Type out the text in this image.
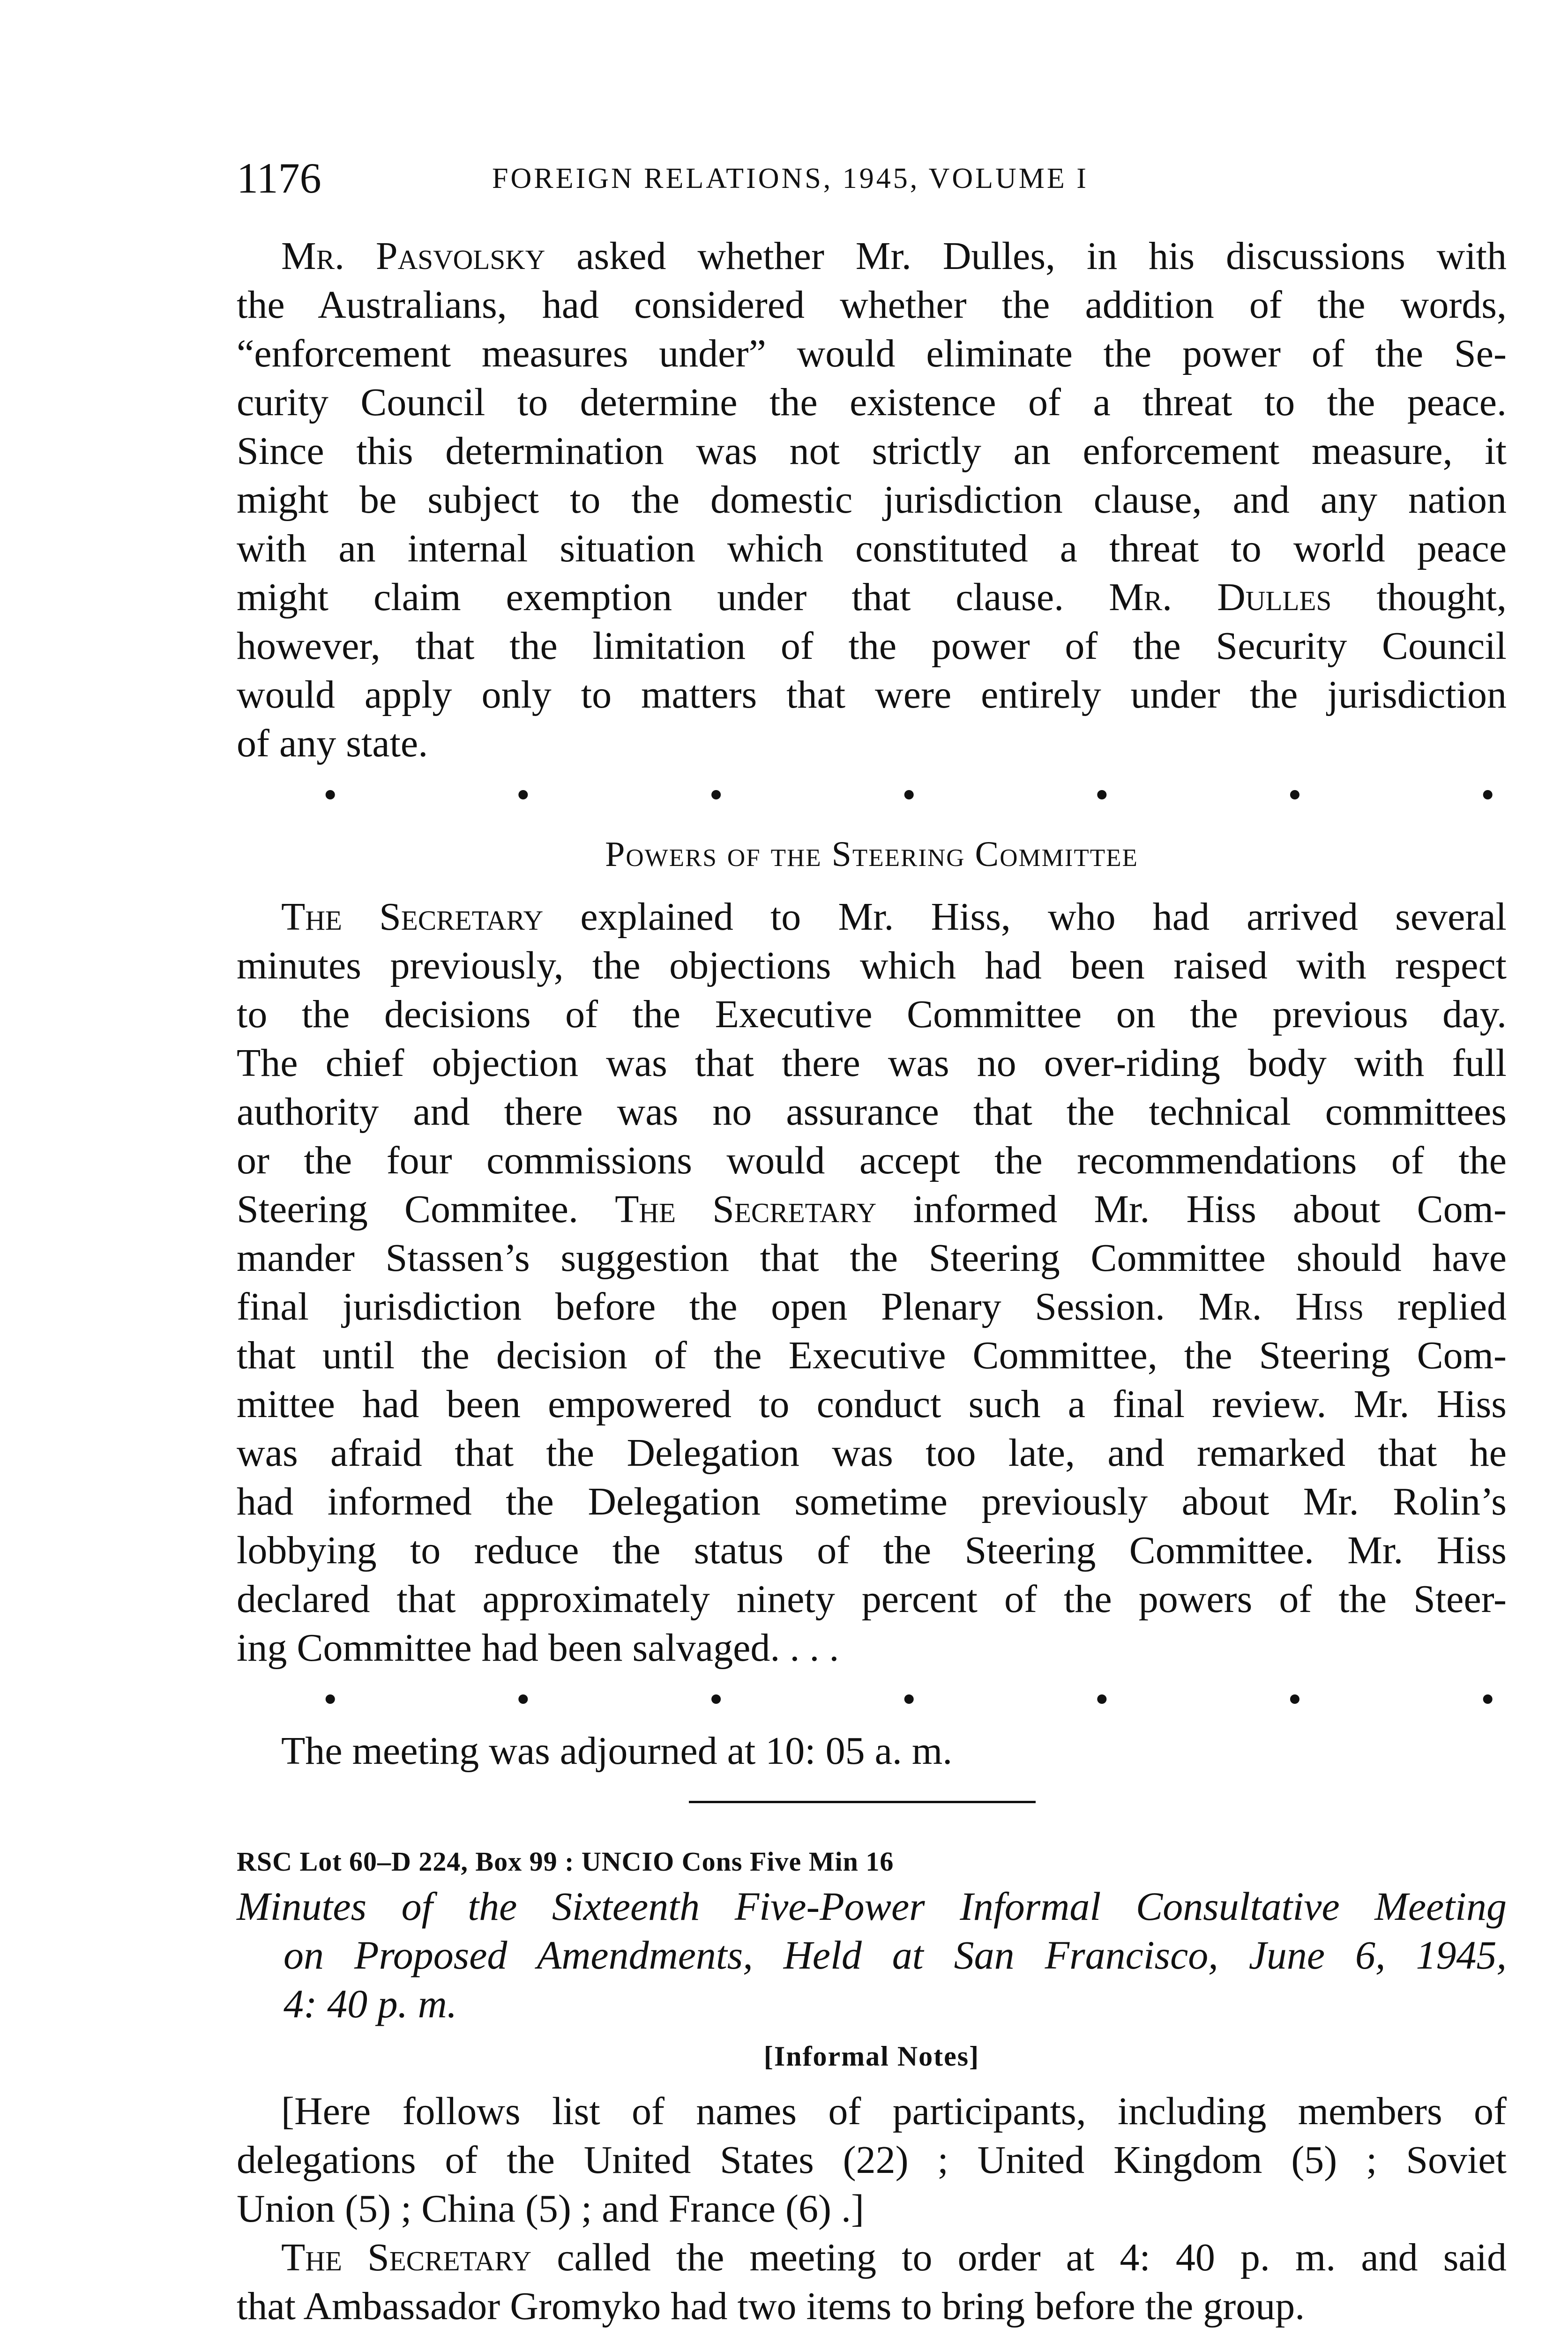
1176	FOREIGN RELATIONS, 1945, VOLUME I
Mr. Pasvolsky asked whether Mr. Dulles, in his discussions with
the Australians, had considered whether the addition of the words,
“enforcement measures under” would eliminate the power of the Se-
curity Council to determine the existence of a threat to the peace.
Since this determination was not strictly an enforcement measure, it
might be subject to the domestic jurisdiction clause, and any nation
with an internal situation which constituted a threat to world peace
might claim exemption under that clause. Mr. Dulles thought,
however, that the limitation of the power of the Security Council
would apply only to matters that were entirely under the jurisdiction
of any state.
•	•	•	•	•	•	•
Powers of the Steering Committee
The Secretary explained to Mr. Hiss, who had arrived several
minutes previously, the objections which had been raised with respect
to the decisions of the Executive Committee on the previous day.
The chief objection was that there was no over-riding body with full
authority and there was no assurance that the technical committees
or the four commissions would accept the recommendations of the
Steering Commitee. The Secretary informed Mr. Hiss about Com-
mander Stassen’s suggestion that the Steering Committee should have
final jurisdiction before the open Plenary Session. Mr. Hiss replied
that until the decision of the Executive Committee, the Steering Com-
mittee had been empowered to conduct such a final review. Mr. Hiss
was afraid that the Delegation was too late, and remarked that he
had informed the Delegation sometime previously about Mr. Rolin’s
lobbying to reduce the status of the Steering Committee. Mr. Hiss
declared that approximately ninety percent of the powers of the Steer-
ing Committee had been salvaged. . . .
•	•	•	•	•	•	•
The meeting was adjourned at 10: 05 a. m.
RSC Lot 60–D 224, Box 99 : UNCIO Cons Five Min 16
Minutes of the Sixteenth Five-Power Informal Consultative Meeting
on Proposed Amendments, Held at San Francisco, June 6, 1945,
4: 40 p. m.
[Informal Notes]
[Here follows list of names of participants, including members of
delegations of the United States (22) ; United Kingdom (5) ; Soviet
Union (5) ; China (5) ; and France (6) .]
The Secretary called the meeting to order at 4: 40 p. m. and said
that Ambassador Gromyko had two items to bring before the group.
